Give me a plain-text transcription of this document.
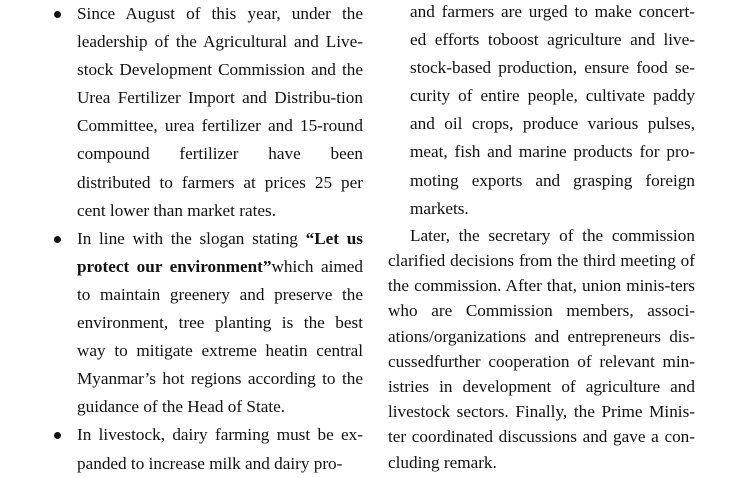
Since August of this year, under the leadership of the Agricultural and Live-stock Development Commission and the Urea Fertilizer Import and Distribu-tion Committee, urea fertilizer and 15-round compound fertilizer have been distributed to farmers at prices 25 per cent lower than market rates.
In line with the slogan stating “Let us protect our environment”which aimed to maintain greenery and preserve the environment, tree planting is the best way to mitigate extreme heatin central Myanmar’s hot regions according to the guidance of the Head of State.
In livestock, dairy farming must be ex-panded to increase milk and dairy pro-

and farmers are urged to make concert-ed efforts toboost agriculture and live-stock-based production, ensure food se-curity of entire people, cultivate paddy and oil crops, produce various pulses, meat, fish and marine products for pro-moting exports and grasping foreign markets.

Later, the secretary of the commission clarified decisions from the third meeting of the commission. After that, union minis-ters who are Commission members, associ-ations/organizations and entrepreneurs dis-cussedfurther cooperation of relevant min-istries in development of agriculture and livestock sectors. Finally, the Prime Minis-ter coordinated discussions and gave a con-cluding remark.
